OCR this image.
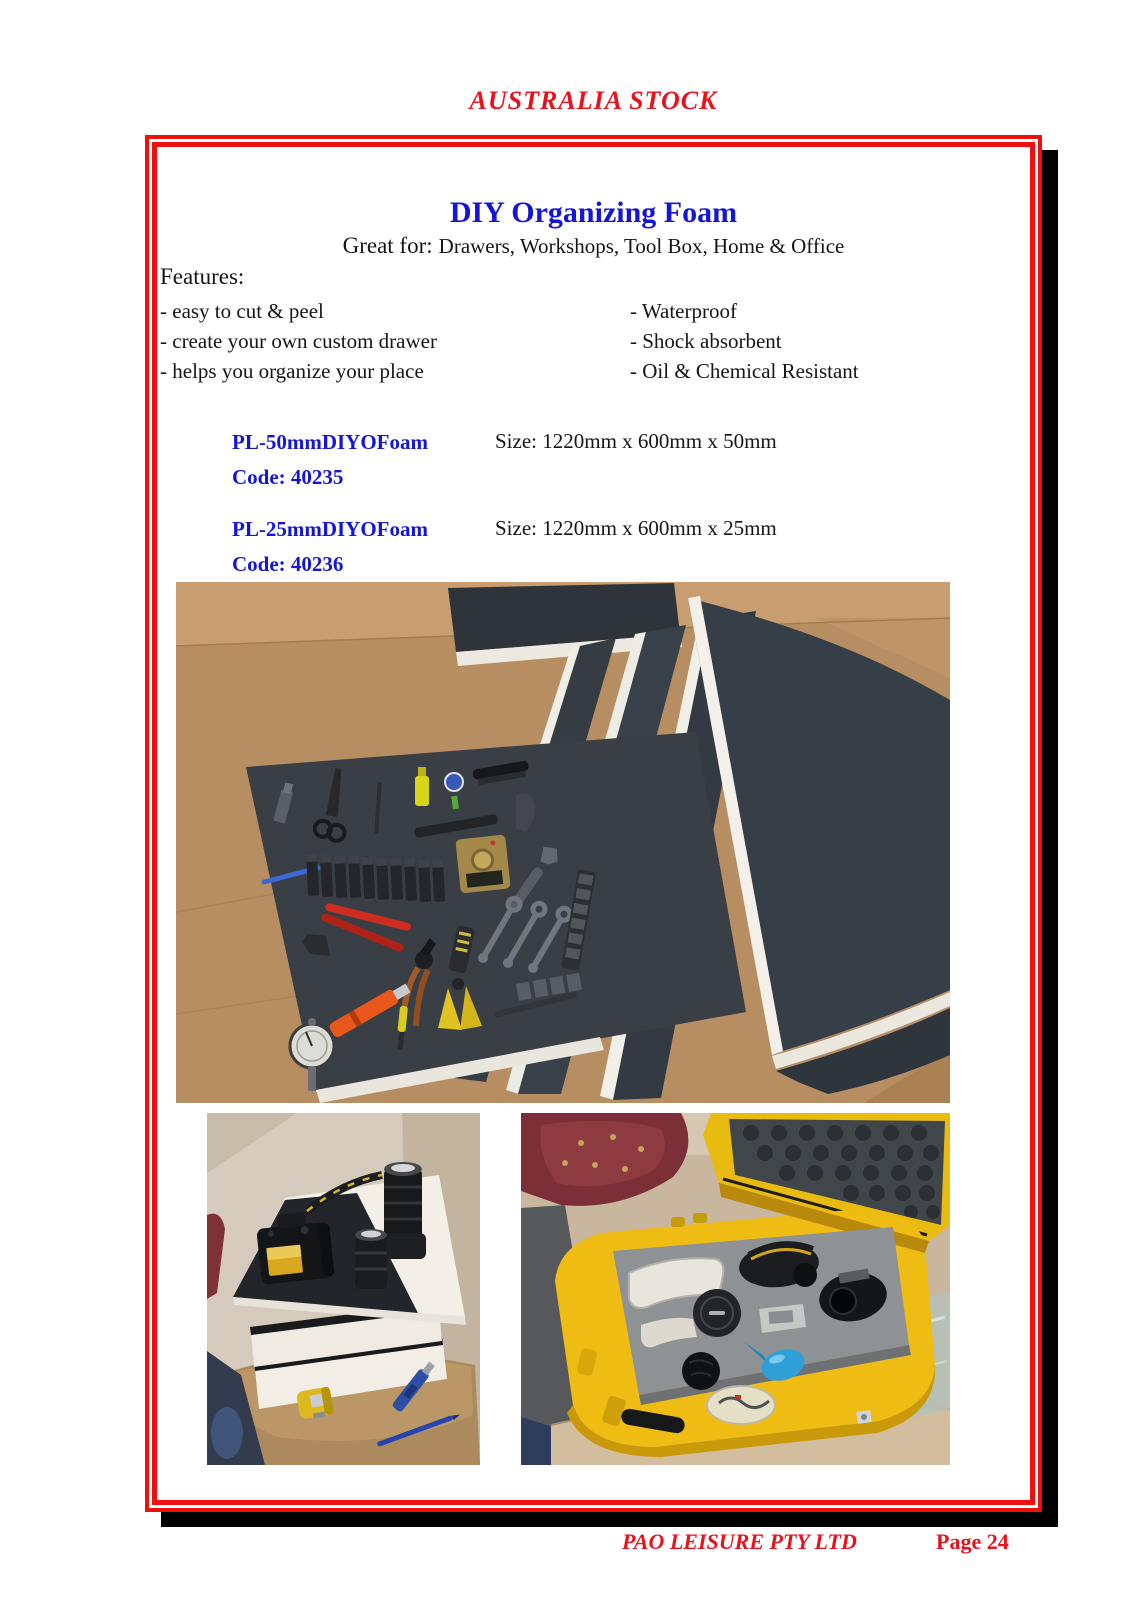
AUSTRALIA STOCK
DIY Organizing Foam
Great for: Drawers, Workshops, Tool Box, Home & Office
Features:
- easy to cut & peel
- create your own custom drawer
- helps you organize your place
- Waterproof
- Shock absorbent
- Oil & Chemical Resistant
PL-50mmDIYOFoam
Code: 40235
Size: 1220mm x 600mm x 50mm
PL-25mmDIYOFoam
Code: 40236
Size: 1220mm x 600mm x 25mm
PAO LEISURE PTY LTD	Page 24
